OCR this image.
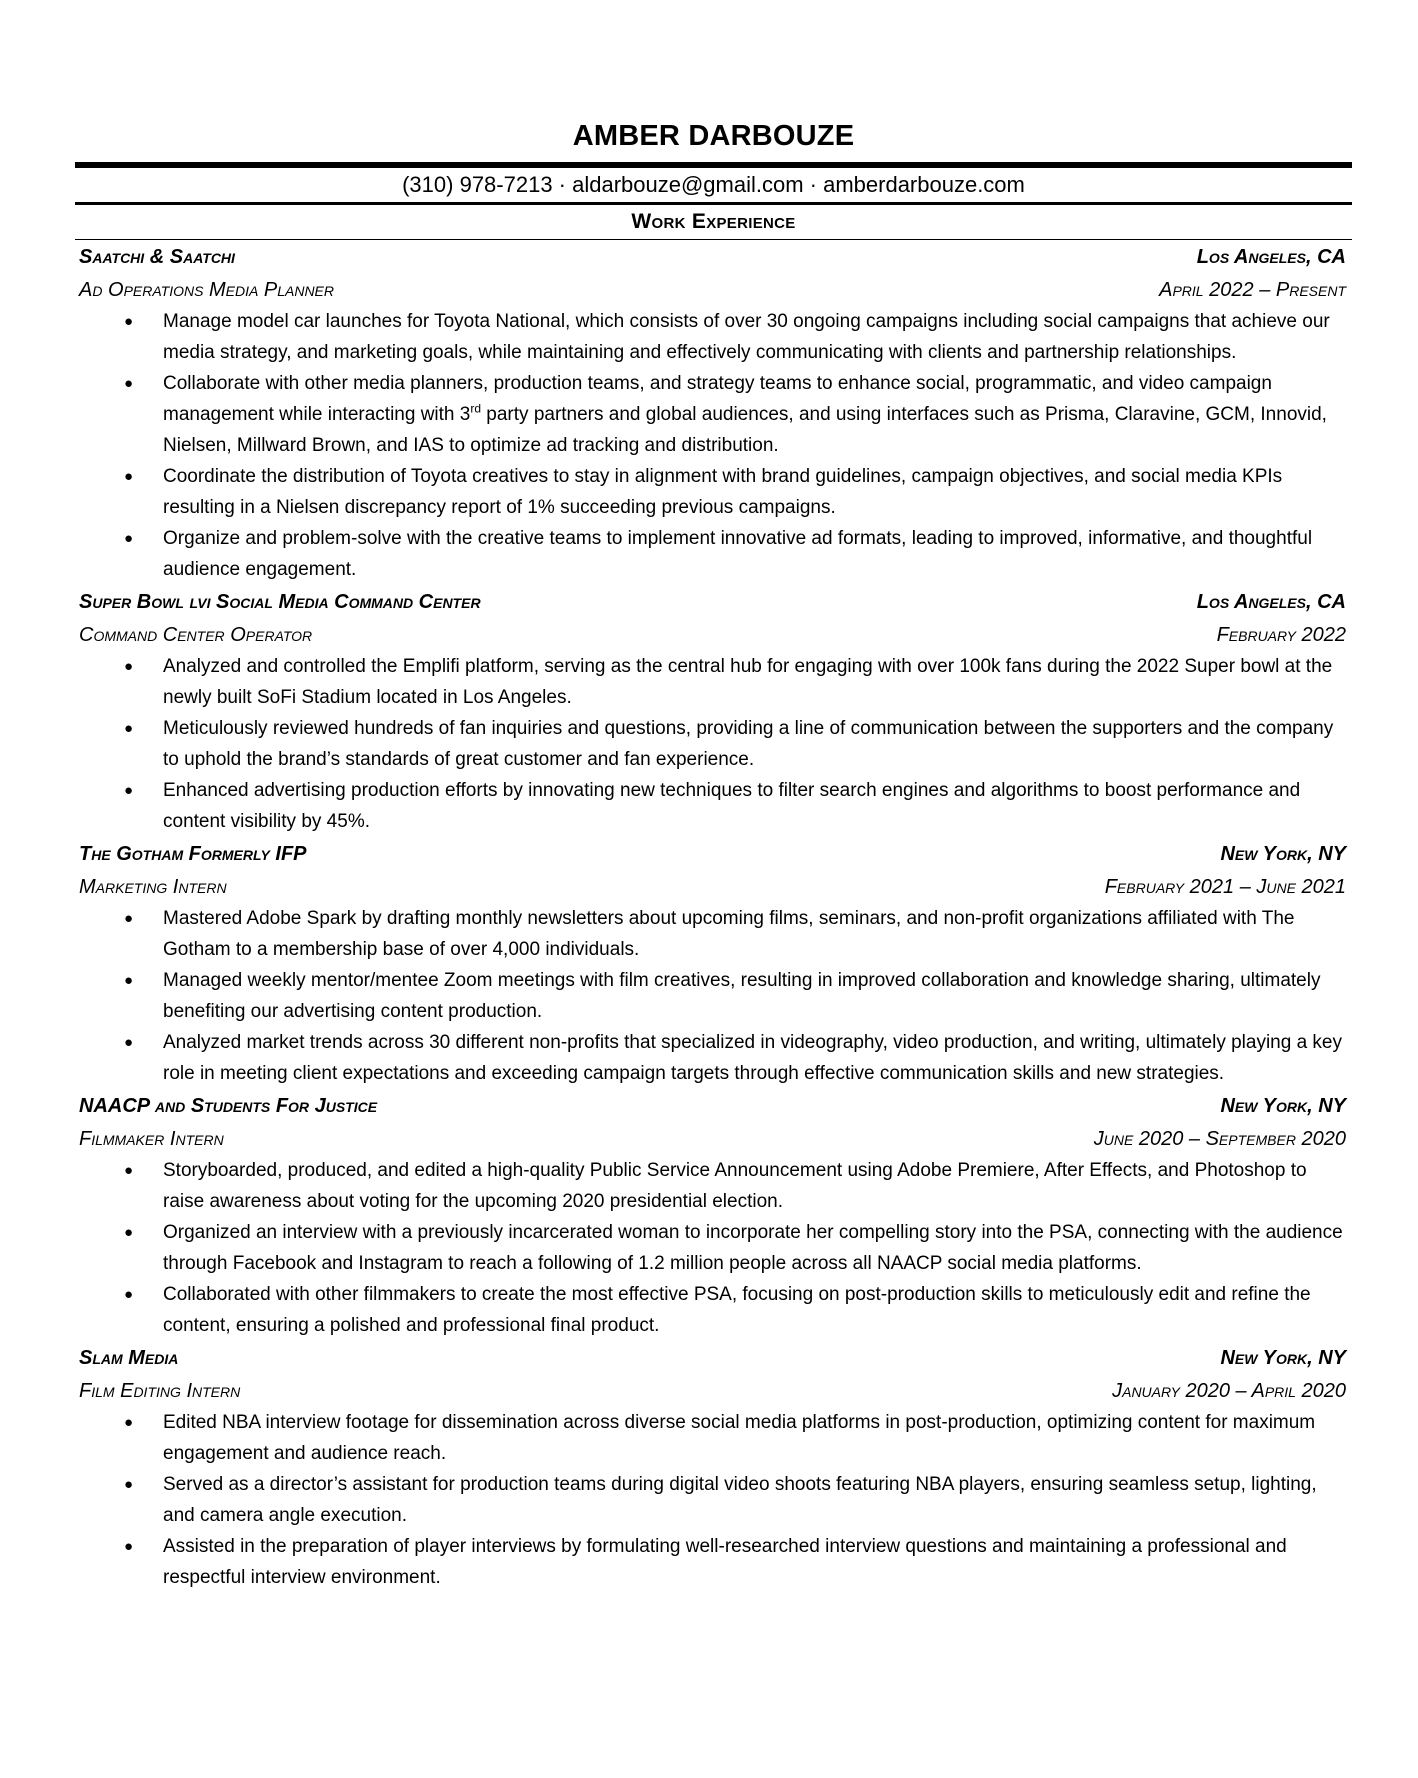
AMBER DARBOUZE
(310) 978-7213 · aldarbouze@gmail.com · amberdarbouze.com
Work Experience
Saatchi & Saatchi	Los Angeles, CA
Ad Operations Media Planner	April 2022 – Present
●
Manage model car launches for Toyota National, which consists of over 30 ongoing campaigns including social campaigns that achieve our media strategy, and marketing goals, while maintaining and effectively communicating with clients and partnership relationships.
●
Collaborate with other media planners, production teams, and strategy teams to enhance social, programmatic, and video campaign management while interacting with 3rd party partners and global audiences, and using interfaces such as Prisma, Claravine, GCM, Innovid, Nielsen, Millward Brown, and IAS to optimize ad tracking and distribution.
●
Coordinate the distribution of Toyota creatives to stay in alignment with brand guidelines, campaign objectives, and social media KPIs resulting in a Nielsen discrepancy report of 1% succeeding previous campaigns.
●
Organize and problem-solve with the creative teams to implement innovative ad formats, leading to improved, informative, and thoughtful audience engagement.
Super Bowl lvi Social Media Command Center	Los Angeles, CA
Command Center Operator	February 2022
●
Analyzed and controlled the Emplifi platform, serving as the central hub for engaging with over 100k fans during the 2022 Super bowl at the newly built SoFi Stadium located in Los Angeles.
●
Meticulously reviewed hundreds of fan inquiries and questions, providing a line of communication between the supporters and the company to uphold the brand’s standards of great customer and fan experience.
●
Enhanced advertising production efforts by innovating new techniques to filter search engines and algorithms to boost performance and content visibility by 45%.
The Gotham Formerly IFP	New York, NY
Marketing Intern	February 2021 – June 2021
●
Mastered Adobe Spark by drafting monthly newsletters about upcoming films, seminars, and non-profit organizations affiliated with The Gotham to a membership base of over 4,000 individuals.
●
Managed weekly mentor/mentee Zoom meetings with film creatives, resulting in improved collaboration and knowledge sharing, ultimately benefiting our advertising content production.
●
Analyzed market trends across 30 different non-profits that specialized in videography, video production, and writing, ultimately playing a key role in meeting client expectations and exceeding campaign targets through effective communication skills and new strategies.
NAACP and Students For Justice	New York, NY
Filmmaker Intern	June 2020 – September 2020
●
Storyboarded, produced, and edited a high-quality Public Service Announcement using Adobe Premiere, After Effects, and Photoshop to raise awareness about voting for the upcoming 2020 presidential election.
●
Organized an interview with a previously incarcerated woman to incorporate her compelling story into the PSA, connecting with the audience through Facebook and Instagram to reach a following of 1.2 million people across all NAACP social media platforms.
●
Collaborated with other filmmakers to create the most effective PSA, focusing on post-production skills to meticulously edit and refine the content, ensuring a polished and professional final product.
Slam Media	New York, NY
Film Editing Intern	January 2020 – April 2020
●
Edited NBA interview footage for dissemination across diverse social media platforms in post-production, optimizing content for maximum engagement and audience reach.
●
Served as a director’s assistant for production teams during digital video shoots featuring NBA players, ensuring seamless setup, lighting, and camera angle execution.
●
Assisted in the preparation of player interviews by formulating well-researched interview questions and maintaining a professional and respectful interview environment.
